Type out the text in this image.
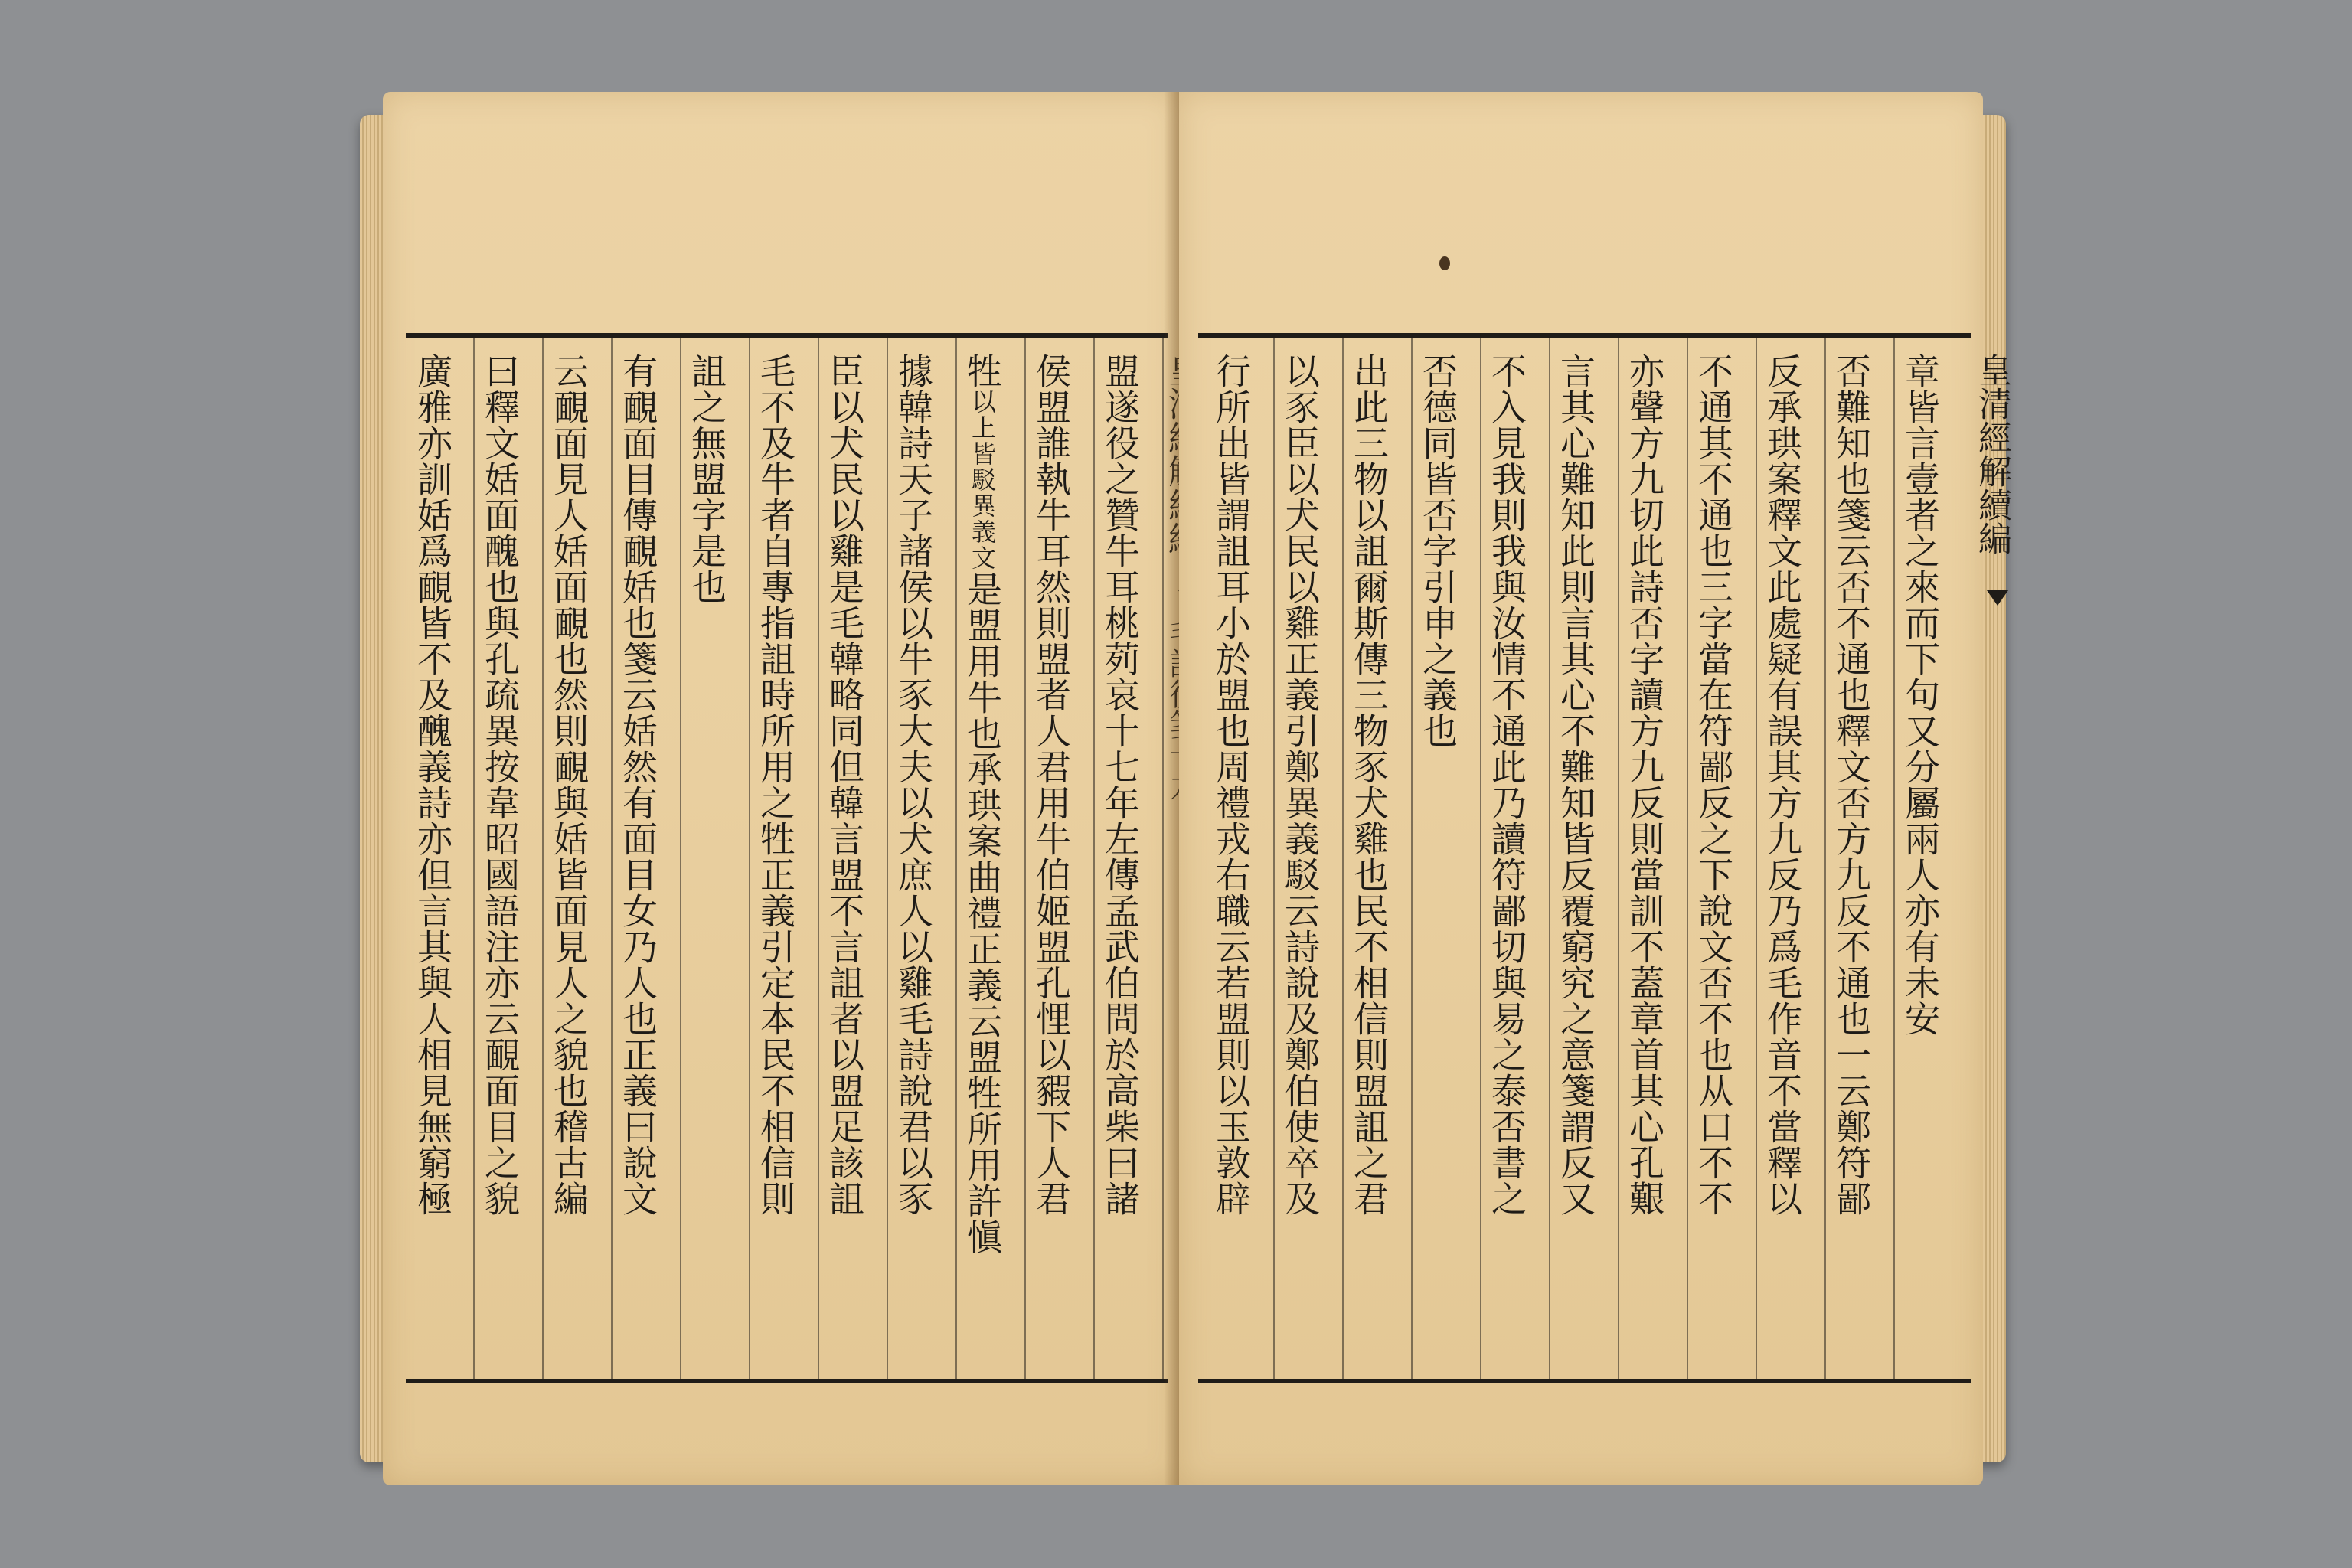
盟遂役之贊牛耳桃茢哀十七年左傳孟武伯問於高柴曰諸
侯盟誰執牛耳然則盟者人君用牛伯姬盟孔悝以豭下人君
牲以上皆駁異義文是盟用牛也承珙案曲禮正義云盟牲所用許愼
據韓詩天子諸侯以牛豕大夫以犬庶人以雞毛詩說君以豕
臣以犬民以雞是毛韓略同但韓言盟不言詛者以盟足該詛
毛不及牛者自專指詛時所用之牲正義引定本民不相信則
詛之無盟字是也
有靦面目傳靦姡也箋云姡然有面目女乃人也正義曰說文
云靦面見人姡面靦也然則靦與姡皆面見人之貌也稽古編
曰釋文姡面醜也與孔疏異按韋昭國語注亦云靦面目之貌
廣雅亦訓姡爲靦皆不及醜義詩亦但言其與人相見無窮極	皇清經解續編
章皆言壹者之來而下句又分屬兩人亦有未安
否難知也箋云否不通也釋文否方九反不通也一云鄭符鄙
反承珙案釋文此處疑有誤其方九反乃爲毛作音不當釋以
不通其不通也三字當在符鄙反之下說文否不也从口不不
亦聲方九切此詩否字讀方九反則當訓不蓋章首其心孔艱
言其心難知此則言其心不難知皆反覆窮究之意箋謂反又
不入見我則我與汝情不通此乃讀符鄙切與易之泰否書之
否德同皆否字引申之義也
出此三物以詛爾斯傳三物豕犬雞也民不相信則盟詛之君
以豕臣以犬民以雞正義引鄭異義駁云詩說及鄭伯使卒及
行所出皆謂詛耳小於盟也周禮戎右職云若盟則以玉敦辟
